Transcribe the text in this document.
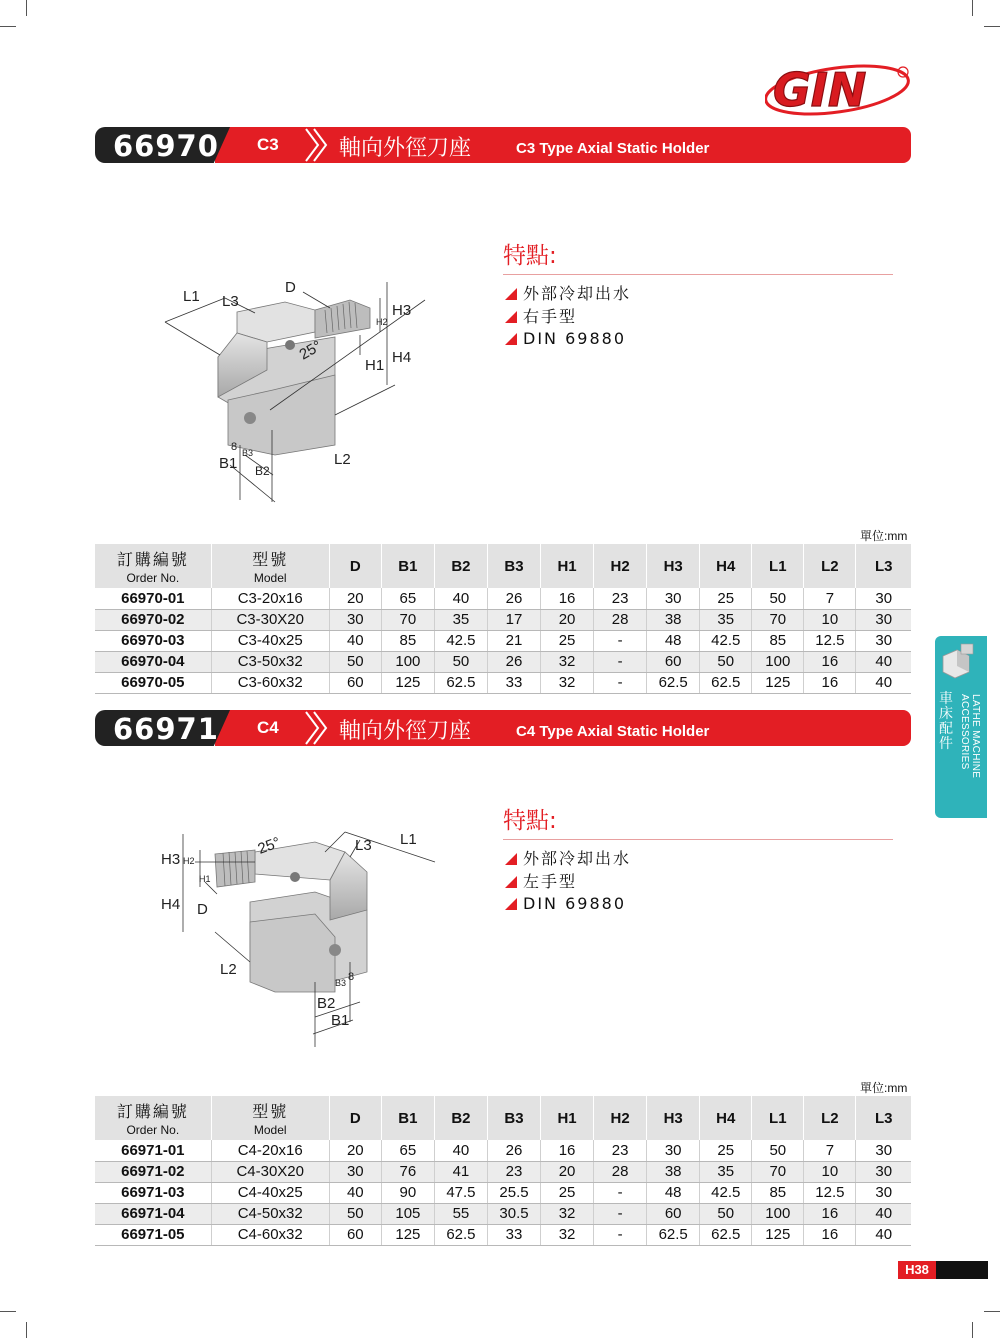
GIN
66970 C3	軸向外徑刀座	C3 Type Axial Static Holder
L1 L3
D
H2
H3
25°
H1 H4
8 B3
B1 B2
L2
特點:
外部冷却出水
右手型
DIN 69880
單位:mm
訂購編號
Order No.	型號
Model	D	B1	B2	B3	H1	H2	H3	H4	L1	L2	L3
66970-01	C3-20x16	20	65	40	26	16	23	30	25	50	7	30
66970-02	C3-30X20	30	70	35	17	20	28	38	35	70	10	30
66970-03	C3-40x25	40	85	42.5	21	25	-	48	42.5	85	12.5	30
66970-04	C3-50x32	50	100	50	26	32	-	60	50	100	16	40
66970-05	C3-60x32	60	125	62.5	33	32	-	62.5	62.5	125	16	40
66971 C4	軸向外徑刀座	C4 Type Axial Static Holder
25°	L3 L1
H3 H2
H1
H4 D
L2
B3 8
B2
B1
特點:
外部冷却出水
左手型
DIN 69880
單位:mm
訂購編號
Order No.	型號
Model	D	B1	B2	B3	H1	H2	H3	H4	L1	L2	L3
66971-01	C4-20x16	20	65	40	26	16	23	30	25	50	7	30
66971-02	C4-30X20	30	76	41	23	20	28	38	35	70	10	30
66971-03	C4-40x25	40	90	47.5	25.5	25	-	48	42.5	85	12.5	30
66971-04	C4-50x32	50	105	55	30.5	32	-	60	50	100	16	40
66971-05	C4-60x32	60	125	62.5	33	32	-	62.5	62.5	125	16	40
車床配件	LATHE MACHINE ACCESSORIES
H38
